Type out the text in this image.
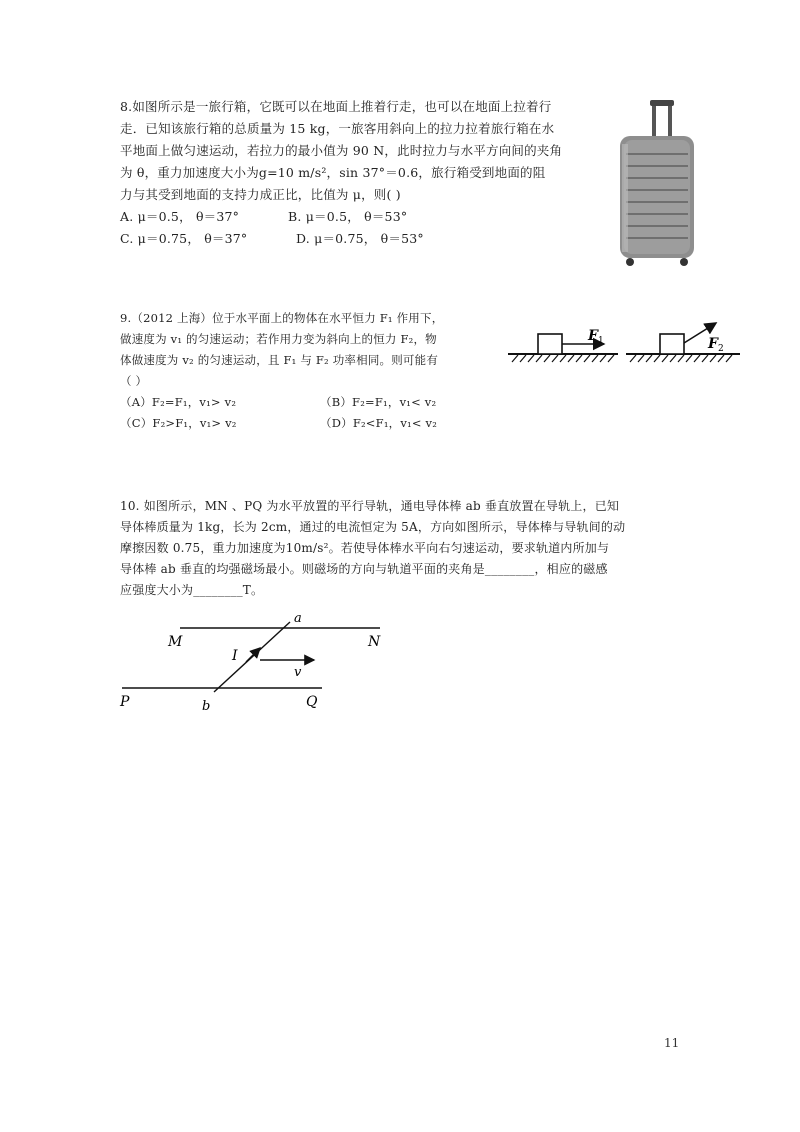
8.如图所示是一旅行箱，它既可以在地面上推着行走，也可以在地面上拉着行
走．已知该旅行箱的总质量为 15 kg，一旅客用斜向上的拉力拉着旅行箱在水
平地面上做匀速运动，若拉力的最小值为 90 N，此时拉力与水平方向间的夹角
为 θ，重力加速度大小为g=10 m/s²，sin 37°＝0.6，旅行箱受到地面的阻
力与其受到地面的支持力成正比，比值为 μ，则( )
A. μ＝0.5， θ＝37°	B. μ＝0.5， θ＝53°
C. μ＝0.75， θ＝37°	D. μ＝0.75， θ＝53°
9.（2012 上海）位于水平面上的物体在水平恒力 F₁ 作用下，
做速度为 v₁ 的匀速运动；若作用力变为斜向上的恒力 F₂，物
体做速度为 v₂ 的匀速运动，且 F₁ 与 F₂ 功率相同。则可能有
（ ）
（A）F₂=F₁，v₁> v₂	（B）F₂=F₁，v₁< v₂
（C）F₂>F₁，v₁> v₂	（D）F₂<F₁，v₁< v₂
F 1	F 2
10. 如图所示，MN 、PQ 为水平放置的平行导轨，通电导体棒 ab 垂直放置在导轨上，已知
导体棒质量为 1kg，长为 2cm，通过的电流恒定为 5A，方向如图所示，导体棒与导轨间的动
摩擦因数 0.75，重力加速度为10m/s²。若使导体棒水平向右匀速运动，要求轨道内所加与
导体棒 ab 垂直的均强磁场最小。则磁场的方向与轨道平面的夹角是________，相应的磁感
应强度大小为________T。
M	N
P	Q
a
b
I
v
11
